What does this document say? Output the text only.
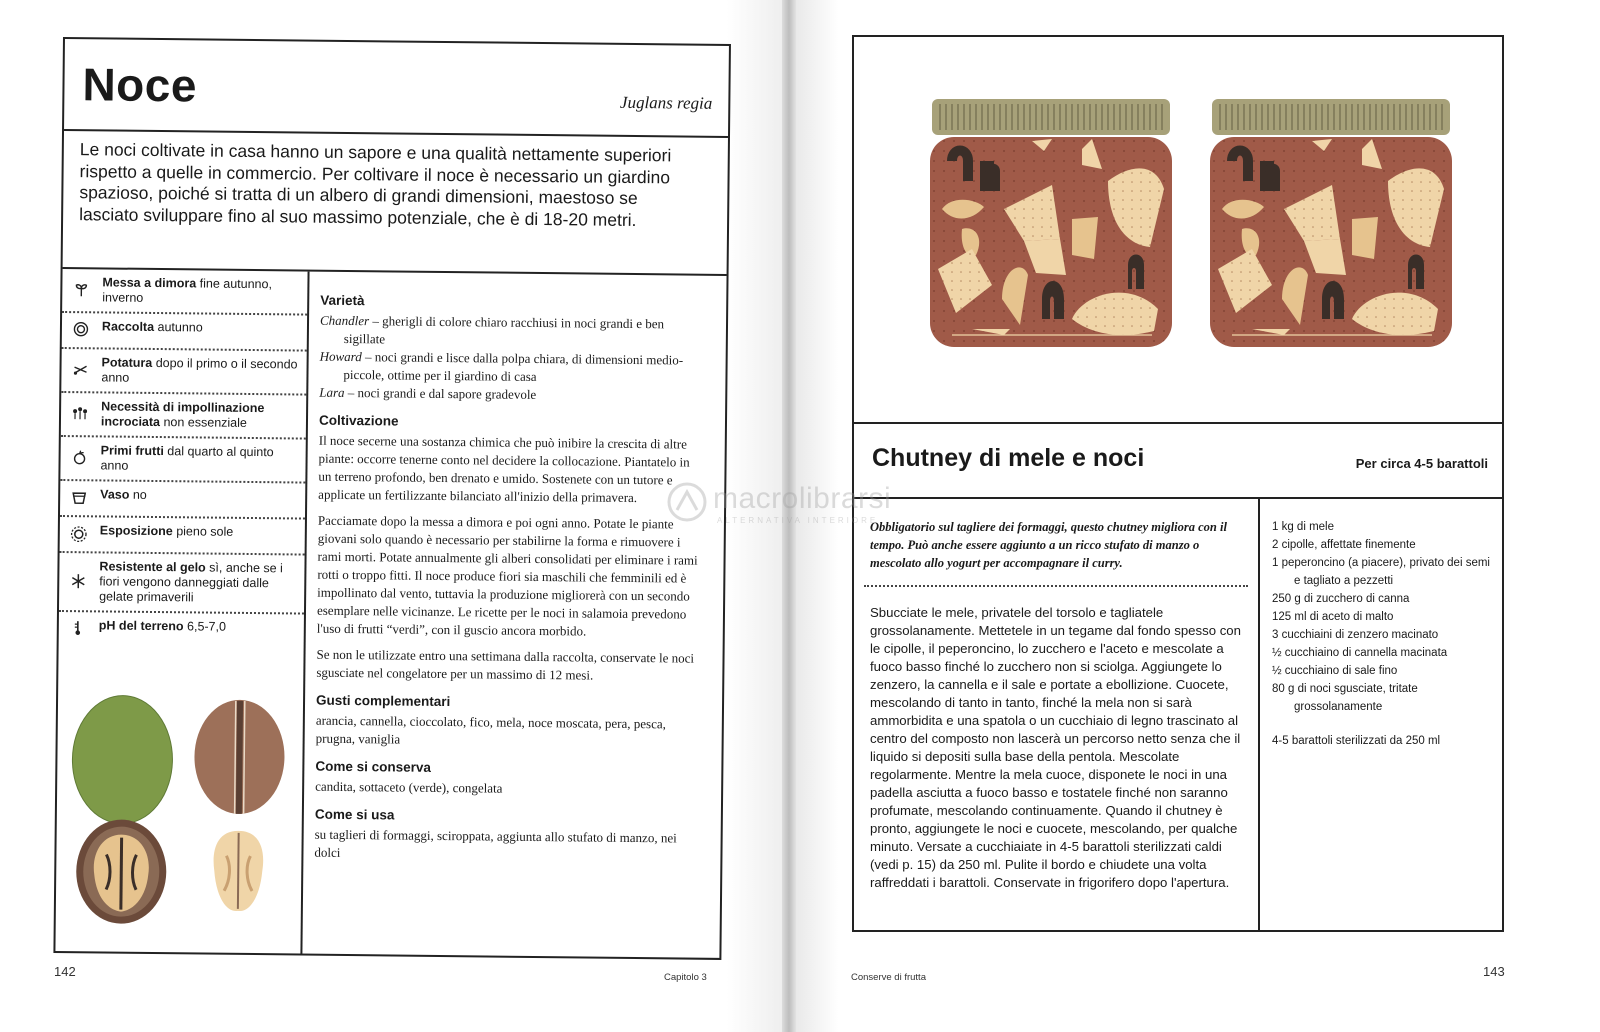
Noce	Juglans regia

Le noci coltivate in casa hanno un sapore e una qualità nettamente superiori rispetto a quelle in commercio. Per coltivare il noce è necessario un giardino spazioso, poiché si tratta di un albero di grandi dimensioni, maestoso se lasciato sviluppare fino al suo massimo potenziale, che è di 18-20 metri.

Messa a dimora fine autunno, inverno
Raccolta autunno
Potatura dopo il primo o il secondo anno
Necessità di impollinazione incrociata non essenziale
Primi frutti dal quarto al quinto anno
Vaso no
Esposizione pieno sole
Resistente al gelo sì, anche se i fiori vengono danneggiati dalle gelate primaverili
pH del terreno 6,5-7,0
Varietà

Chandler – gherigli di colore chiaro racchiusi in noci grandi e ben sigillate

Howard – noci grandi e lisce dalla polpa chiara, di dimensioni medio-piccole, ottime per il giardino di casa

Lara – noci grandi e dal sapore gradevole

Coltivazione

Il noce secerne una sostanza chimica che può inibire la crescita di altre piante: occorre tenerne conto nel decidere la collocazione. Piantatelo in un terreno profondo, ben drenato e umido. Sostenete con un tutore e applicate un fertilizzante bilanciato all'inizio della primavera.

Pacciamate dopo la messa a dimora e poi ogni anno. Potate le piante giovani solo quando è necessario per stabilirne la forma e rimuovere i rami morti. Potate annualmente gli alberi consolidati per eliminare i rami rotti o troppo fitti. Il noce produce fiori sia maschili che femminili ed è impollinato dal vento, tuttavia la produzione migliorerà con un secondo esemplare nelle vicinanze. Le ricette per le noci in salamoia prevedono l'uso di frutti “verdi”, con il guscio ancora morbido.

Se non le utilizzate entro una settimana dalla raccolta, conservate le noci sgusciate nel congelatore per un massimo di 12 mesi.

Gusti complementari

arancia, cannella, cioccolato, fico, mela, noce moscata, pera, pesca, prugna, vaniglia

Come si conserva

candita, sottaceto (verde), congelata

Come si usa

su taglieri di formaggi, sciroppata, aggiunta allo stufato di manzo, nei dolci

142	Capitolo 3
Chutney di mele e noci	Per circa 4-5 barattoli

Obbligatorio sul tagliere dei formaggi, questo chutney migliora con il tempo. Può anche essere aggiunto a un ricco stufato di manzo o mescolato allo yogurt per accompagnare il curry.

Sbucciate le mele, privatele del torsolo e tagliatele grossolanamente. Mettetele in un tegame dal fondo spesso con le cipolle, il peperoncino, lo zucchero e l'aceto e mescolate a fuoco basso finché lo zucchero non si sciolga. Aggiungete lo zenzero, la cannella e il sale e portate a ebollizione. Cuocete, mescolando di tanto in tanto, finché la mela non si sarà ammorbidita e una spatola o un cucchiaio di legno trascinato al centro del composto non lascerà un percorso netto senza che il liquido si depositi sulla base della pentola. Mescolate regolarmente. Mentre la mela cuoce, disponete le noci in una padella asciutta a fuoco basso e tostatele finché non saranno profumate, mescolando continuamente. Quando il chutney è pronto, aggiungete le noci e cuocete, mescolando, per qualche minuto. Versate a cucchiaiate in 4-5 barattoli sterilizzati caldi (vedi p. 15) da 250 ml. Pulite il bordo e chiudete una volta raffreddati i barattoli. Conservate in frigorifero dopo l'apertura.

1 kg di mele
2 cipolle, affettate finemente
1 peperoncino (a piacere), privato dei semi e tagliato a pezzetti
250 g di zucchero di canna
125 ml di aceto di malto
3 cucchiaini di zenzero macinato
½ cucchiaino di cannella macinata
½ cucchiaino di sale fino
80 g di noci sgusciate, tritate grossolanamente
4-5 barattoli sterilizzati da 250 ml
Conserve di frutta	143
macrolibrarsi
ALTERNATIVA INTERIORE
